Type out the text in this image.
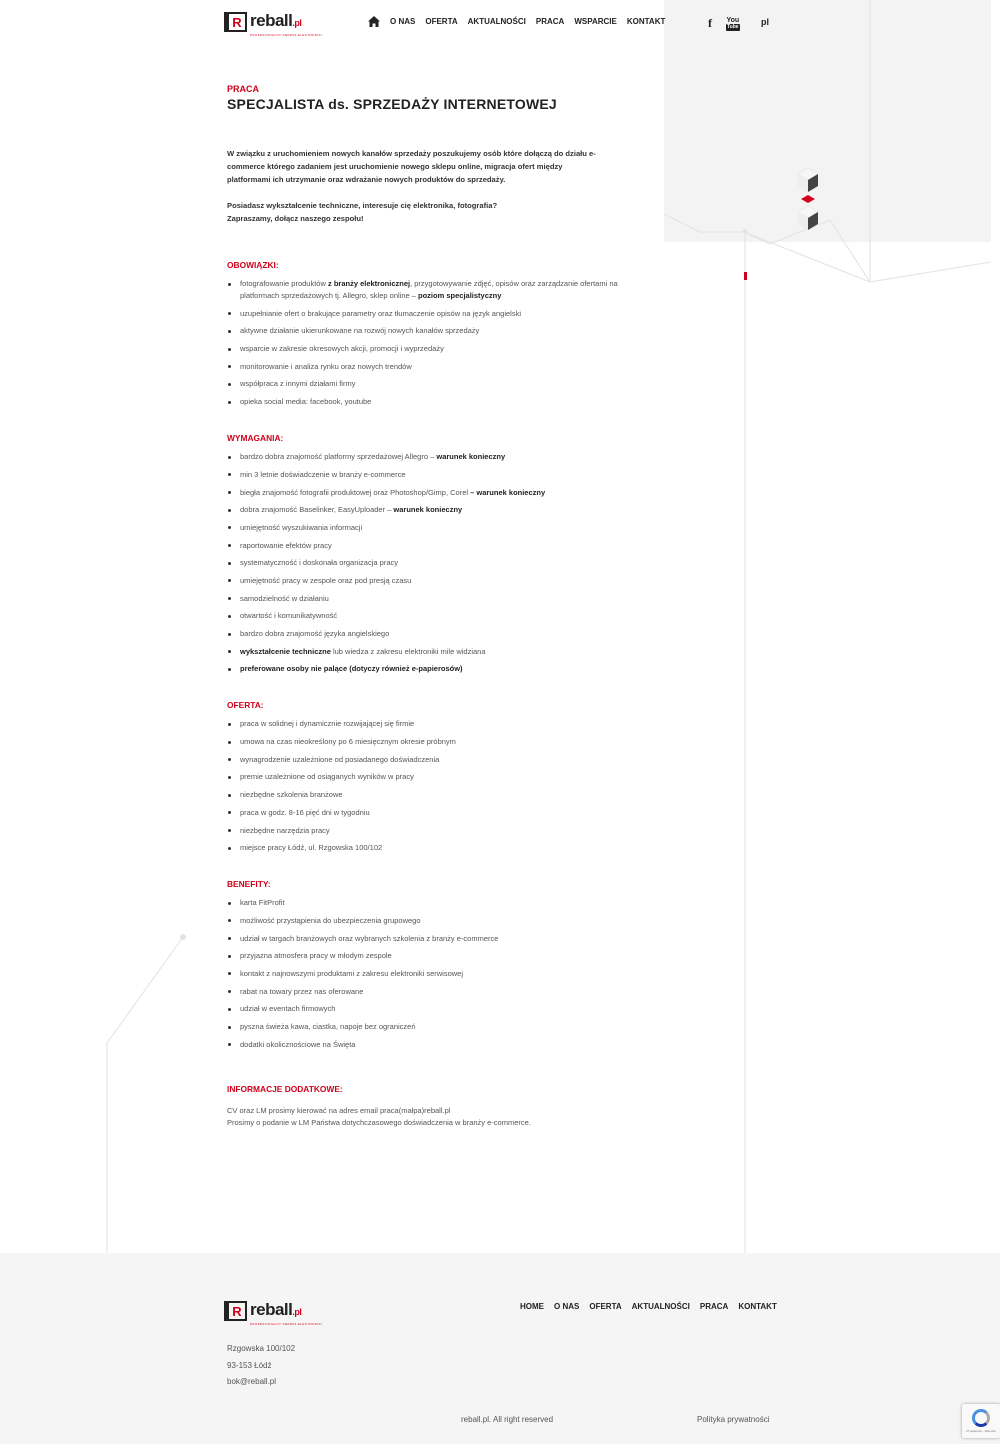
R reball.pl
PROFESJONALNY SERWIS ELEKTRONIKI
O NAS OFERTA AKTUALNOŚCI PRACA WSPARCIE KONTAKT	f You
Tube pl
PRACA
SPECJALISTA ds. SPRZEDAŻY INTERNETOWEJ

W związku z uruchomieniem nowych kanałów sprzedaży poszukujemy osób które dołączą do działu e-commerce którego zadaniem jest uruchomienie nowego sklepu online, migracja ofert między platformami ich utrzymanie oraz wdrażanie nowych produktów do sprzedaży.

Posiadasz wykształcenie techniczne, interesuje cię elektronika, fotografia?
Zapraszamy, dołącz naszego zespołu!

OBOWIĄZKI:
fotografowanie produktów z branży elektronicznej, przygotowywanie zdjęć, opisów oraz zarządzanie ofertami na platformach sprzedażowych tj. Allegro, sklep online – poziom specjalistyczny
uzupełnianie ofert o brakujące parametry oraz tłumaczenie opisów na język angielski
aktywne działanie ukierunkowane na rozwój nowych kanałów sprzedaży
wsparcie w zakresie okresowych akcji, promocji i wyprzedaży
monitorowanie i analiza rynku oraz nowych trendów
współpraca z innymi działami firmy
opieka social media: facebook, youtube
WYMAGANIA:
bardzo dobra znajomość platformy sprzedażowej Allegro – warunek konieczny
min 3 letnie doświadczenie w branży e-commerce
biegła znajomość fotografii produktowej oraz Photoshop/Gimp, Corel – warunek konieczny
dobra znajomość Baselinker, EasyUploader – warunek konieczny
umiejętność wyszukiwania informacji
raportowanie efektów pracy
systematyczność i doskonała organizacja pracy
umiejętność pracy w zespole oraz pod presją czasu
samodzielność w działaniu
otwartość i komunikatywność
bardzo dobra znajomość języka angielskiego
wykształcenie techniczne lub wiedza z zakresu elektroniki mile widziana
preferowane osoby nie palące (dotyczy również e-papierosów)
OFERTA:
praca w solidnej i dynamicznie rozwijającej się firmie
umowa na czas nieokreślony po 6 miesięcznym okresie próbnym
wynagrodzenie uzależnione od posiadanego doświadczenia
premie uzależnione od osiąganych wyników w pracy
niezbędne szkolenia branżowe
praca w godz. 8-16 pięć dni w tygodniu
niezbędne narzędzia pracy
miejsce pracy Łódź, ul. Rzgowska 100/102
BENEFITY:
karta FitProfit
możliwość przystąpienia do ubezpieczenia grupowego
udział w targach branżowych oraz wybranych szkolenia z branży e-commerce
przyjazna atmosfera pracy w młodym zespole
kontakt z najnowszymi produktami z zakresu elektroniki serwisowej
rabat na towary przez nas oferowane
udział w eventach firmowych
pyszna świeża kawa, ciastka, napoje bez ograniczeń
dodatki okolicznościowe na Święta
INFORMACJE DODATKOWE:
CV oraz LM prosimy kierować na adres email praca(małpa)reball.pl
Prosimy o podanie w LM Państwa dotychczasowego doświadczenia w branży e-commerce.
R reball.pl
PROFESJONALNY SERWIS ELEKTRONIKI
HOME O NAS OFERTA AKTUALNOŚCI PRACA KONTAKT
Rzgowska 100/102
93-153 Łódź
bok@reball.pl
reball.pl. All right reserved	Polityka prywatności
Prywatność - Warunki
